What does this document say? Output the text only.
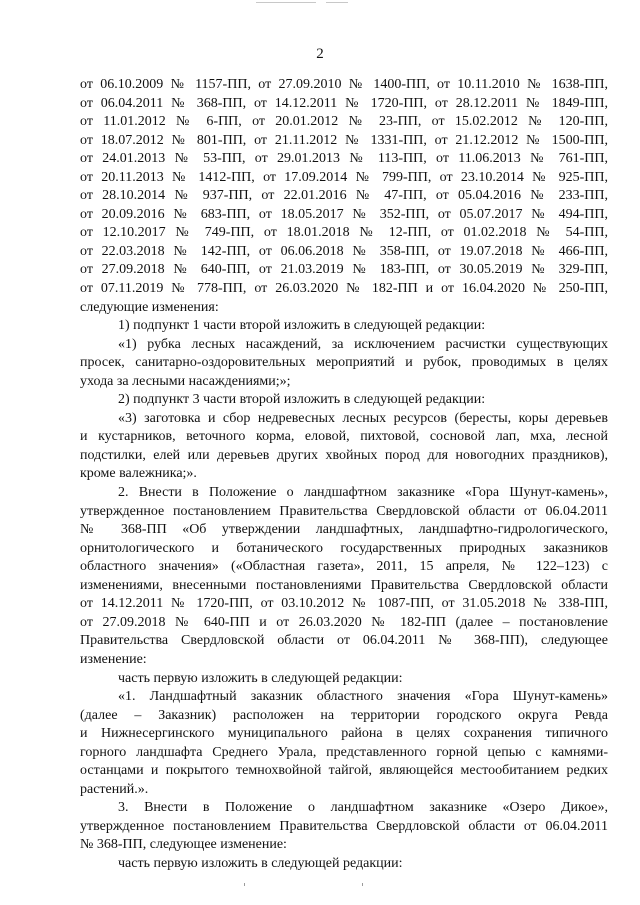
2
от 06.10.2009 № 1157-ПП, от 27.09.2010 № 1400-ПП, от 10.11.2010 № 1638-ПП,
от 06.04.2011 № 368-ПП, от 14.12.2011 № 1720-ПП, от 28.12.2011 № 1849-ПП,
от 11.01.2012 № 6-ПП, от 20.01.2012 № 23-ПП, от 15.02.2012 № 120-ПП,
от 18.07.2012 № 801-ПП, от 21.11.2012 № 1331-ПП, от 21.12.2012 № 1500-ПП,
от 24.01.2013 № 53-ПП, от 29.01.2013 № 113-ПП, от 11.06.2013 № 761-ПП,
от 20.11.2013 № 1412-ПП, от 17.09.2014 № 799-ПП, от 23.10.2014 № 925-ПП,
от 28.10.2014 № 937-ПП, от 22.01.2016 № 47-ПП, от 05.04.2016 № 233-ПП,
от 20.09.2016 № 683-ПП, от 18.05.2017 № 352-ПП, от 05.07.2017 № 494-ПП,
от 12.10.2017 № 749-ПП, от 18.01.2018 № 12-ПП, от 01.02.2018 № 54-ПП,
от 22.03.2018 № 142-ПП, от 06.06.2018 № 358-ПП, от 19.07.2018 № 466-ПП,
от 27.09.2018 № 640-ПП, от 21.03.2019 № 183-ПП, от 30.05.2019 № 329-ПП,
от 07.11.2019 № 778-ПП, от 26.03.2020 № 182-ПП и от 16.04.2020 № 250-ПП,
следующие изменения:
1) подпункт 1 части второй изложить в следующей редакции:
«1) рубка лесных насаждений, за исключением расчистки существующих
просек, санитарно-оздоровительных мероприятий и рубок, проводимых в целях
ухода за лесными насаждениями;»;
2) подпункт 3 части второй изложить в следующей редакции:
«3) заготовка и сбор недревесных лесных ресурсов (бересты, коры деревьев
и кустарников, веточного корма, еловой, пихтовой, сосновой лап, мха, лесной
подстилки, елей или деревьев других хвойных пород для новогодних праздников),
кроме валежника;».
2. Внести в Положение о ландшафтном заказнике «Гора Шунут-камень»,
утвержденное постановлением Правительства Свердловской области от 06.04.2011
№ 368-ПП «Об утверждении ландшафтных, ландшафтно-гидрологического,
орнитологического и ботанического государственных природных заказников
областного значения» («Областная газета», 2011, 15 апреля, № 122–123) с
изменениями, внесенными постановлениями Правительства Свердловской области
от 14.12.2011 № 1720-ПП, от 03.10.2012 № 1087-ПП, от 31.05.2018 № 338-ПП,
от 27.09.2018 № 640-ПП и от 26.03.2020 № 182-ПП (далее – постановление
Правительства Свердловской области от 06.04.2011 № 368-ПП), следующее
изменение:
часть первую изложить в следующей редакции:
«1. Ландшафтный заказник областного значения «Гора Шунут-камень»
(далее – Заказник) расположен на территории городского округа Ревда
и Нижнесергинского муниципального района в целях сохранения типичного
горного ландшафта Среднего Урала, представленного горной цепью с камнями-
останцами и покрытого темнохвойной тайгой, являющейся местообитанием редких
растений.».
3. Внести в Положение о ландшафтном заказнике «Озеро Дикое»,
утвержденное постановлением Правительства Свердловской области от 06.04.2011
№ 368-ПП, следующее изменение:
часть первую изложить в следующей редакции:
